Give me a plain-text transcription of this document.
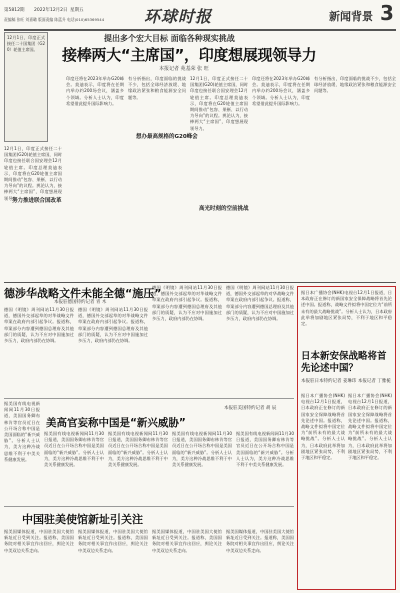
第5812期 2022年12月2日 星期五
责编稿 张旺 刘嘉璐 版面责编 陈蓝升 电话(010)65369544 环球时报	新闻背景 3
12月1日，印度正式接任二十国集团（G20）轮值主席国。
提出多个宏大目标 面临各种现实挑战
接棒两大“主席国”，印度想展现领导力
本报记者 苑基荣 张 旺
12月1日，印度正式接任二十国集团(G20)轮值主席国，同时印度也接任联合国安理会12月轮值主席。印度总理莫迪表示，印度将在G20轮值主席国期间推动“包容、果断、以行动为导向”的议程。舆论认为，接棒两大“主席国”，印度想展现领导力。
印度还将在2023年举办G20峰会。莫迪表示，印度将在任期内举办约200场会议，涵盖多个领域。分析人士认为，印度希望借此提升国际影响力。
有分析指出，印度面临的挑战不少，包括全球经济放缓、地缘政治紧张和粮食能源安全问题等。
12月1日，印度正式接任二十国集团(G20)轮值主席国，同时印度也接任联合国安理会12月轮值主席。印度总理莫迪表示，印度将在G20轮值主席国期间推动“包容、果断、以行动为导向”的议程。舆论认为，接棒两大“主席国”，印度想展现领导力。
印度还将在2023年举办G20峰会。莫迪表示，印度将在任期内举办约200场会议，涵盖多个领域。分析人士认为，印度希望借此提升国际影响力。
有分析指出，印度面临的挑战不少，包括全球经济放缓、地缘政治紧张和粮食能源安全问题等。
努力推进联合国改革
想办最高规格的G20峰会
高光时刻的空前挑战
德涉华战略文件未能全德“施压”
本报驻德国特约记者 青 木
德国《明镜》周刊网站11月30日报道，德国外交部起草的对华战略文件草案在政府内部引起争议。报道称，草案部分内容遭到德国总理府及其他部门的质疑，认为不应对中国施加过多压力，政府内部仍在协调。
德国《明镜》周刊网站11月30日报道，德国外交部起草的对华战略文件草案在政府内部引起争议。报道称，草案部分内容遭到德国总理府及其他部门的质疑，认为不应对中国施加过多压力，政府内部仍在协调。
德国《明镜》周刊网站11月30日报道，德国外交部起草的对华战略文件草案在政府内部引起争议。报道称，草案部分内容遭到德国总理府及其他部门的质疑，认为不应对中国施加过多压力，政府内部仍在协调。
德国《明镜》周刊网站11月30日报道，德国外交部起草的对华战略文件草案在政府内部引起争议。报道称，草案部分内容遭到德国总理府及其他部门的质疑，认为不应对中国施加过多压力，政府内部仍在协调。
据美国有线电视新闻网11月30日报道，美国国务卿布林肯等官员近日在公开场合称中国是美国面临的“新兴威胁”。分析人士认为，美方这种冷战思维不利于中美关系健康发展。
美高官妄称中国是“新兴威胁”
本报驻美国特约记者 胡 辰
据美国有线电视新闻网11月30日报道，美国国务卿布林肯等官员近日在公开场合称中国是美国面临的“新兴威胁”。分析人士认为，美方这种冷战思维不利于中美关系健康发展。
据美国有线电视新闻网11月30日报道，美国国务卿布林肯等官员近日在公开场合称中国是美国面临的“新兴威胁”。分析人士认为，美方这种冷战思维不利于中美关系健康发展。
据美国有线电视新闻网11月30日报道，美国国务卿布林肯等官员近日在公开场合称中国是美国面临的“新兴威胁”。分析人士认为，美方这种冷战思维不利于中美关系健康发展。
据美国有线电视新闻网11月30日报道，美国国务卿布林肯等官员近日在公开场合称中国是美国面临的“新兴威胁”。分析人士认为，美方这种冷战思维不利于中美关系健康发展。
中国驻美使馆新址引关注
据美国媒体报道，中国驻美国大使馆新址近日受到关注。报道称，美国国务院对相关事宜作出回应，舆论关注中美双边关系走向。
据美国媒体报道，中国驻美国大使馆新址近日受到关注。报道称，美国国务院对相关事宜作出回应，舆论关注中美双边关系走向。
据美国媒体报道，中国驻美国大使馆新址近日受到关注。报道称，美国国务院对相关事宜作出回应，舆论关注中美双边关系走向。
据美国媒体报道，中国驻美国大使馆新址近日受到关注。报道称，美国国务院对相关事宜作出回应，舆论关注中美双边关系走向。
据日本广播协会(NHK)电视台12月1日报道，日本政府正在修订的新国家安全保障战略将首先论述中国。报道称，战略文件拟将中国定位为“前所未有的最大战略挑战”。分析人士认为，日本政府此举将加剧地区紧张局势，不利于地区和平稳定。
日本新安保战略将首先论述中国？
本报驻日本特约记者 姜琳玮 本报记者 丁雅栀
据日本广播协会(NHK)电视台12月1日报道，日本政府正在修订的新国家安全保障战略将首先论述中国。报道称，战略文件拟将中国定位为“前所未有的最大战略挑战”。分析人士认为，日本政府此举将加剧地区紧张局势，不利于地区和平稳定。
据日本广播协会(NHK)电视台12月1日报道，日本政府正在修订的新国家安全保障战略将首先论述中国。报道称，战略文件拟将中国定位为“前所未有的最大战略挑战”。分析人士认为，日本政府此举将加剧地区紧张局势，不利于地区和平稳定。
